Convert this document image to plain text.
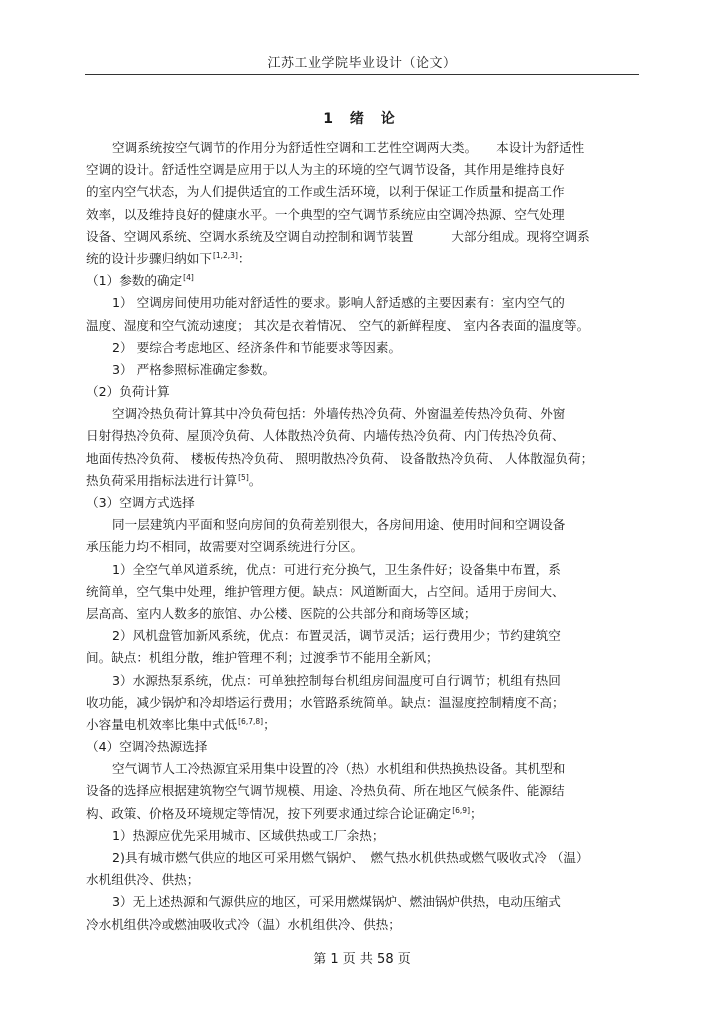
江苏工业学院毕业设计（论文）
1 绪 论
空调系统按空气调节的作用分为舒适性空调和工艺性空调两大类。　　本设计为舒适性
空调的设计。舒适性空调是应用于以人为主的环境的空气调节设备，其作用是维持良好
的室内空气状态，为人们提供适宜的工作或生活环境，以利于保证工作质量和提高工作
效率，以及维持良好的健康水平。一个典型的空气调节系统应由空调冷热源、空气处理
设备、空调风系统、空调水系统及空调自动控制和调节装置　　　大部分组成。现将空调系
统的设计步骤归纳如下[1,2,3]：
（1）参数的确定[4]
1） 空调房间使用功能对舒适性的要求。影响人舒适感的主要因素有：室内空气的
温度、湿度和空气流动速度； 其次是衣着情况、 空气的新鲜程度、 室内各表面的温度等。
2） 要综合考虑地区、经济条件和节能要求等因素。
3） 严格参照标准确定参数。
（2）负荷计算
空调冷热负荷计算其中冷负荷包括：外墙传热冷负荷、外窗温差传热冷负荷、外窗
日射得热冷负荷、屋顶冷负荷、人体散热冷负荷、内墙传热冷负荷、内门传热冷负荷、
地面传热冷负荷、 楼板传热冷负荷、 照明散热冷负荷、 设备散热冷负荷、 人体散湿负荷；
热负荷采用指标法进行计算[5]。
（3）空调方式选择
同一层建筑内平面和竖向房间的负荷差别很大，各房间用途、使用时间和空调设备
承压能力均不相同，故需要对空调系统进行分区。
1）全空气单风道系统，优点：可进行充分换气，卫生条件好；设备集中布置，系
统简单，空气集中处理，维护管理方便。缺点：风道断面大，占空间。适用于房间大、
层高高、室内人数多的旅馆、办公楼、医院的公共部分和商场等区域；
2）风机盘管加新风系统，优点：布置灵活，调节灵活；运行费用少；节约建筑空
间。缺点：机组分散，维护管理不利；过渡季节不能用全新风；
3）水源热泵系统，优点：可单独控制每台机组房间温度可自行调节；机组有热回
收功能，减少锅炉和冷却塔运行费用；水管路系统简单。缺点：温湿度控制精度不高；
小容量电机效率比集中式低[6,7,8]；
（4）空调冷热源选择
空气调节人工冷热源宜采用集中设置的冷（热）水机组和供热换热设备。其机型和
设备的选择应根据建筑物空气调节规模、用途、冷热负荷、所在地区气候条件、能源结
构、政策、价格及环境规定等情况，按下列要求通过综合论证确定[6,9]；
1）热源应优先采用城市、区域供热或工厂余热；
2)具有城市燃气供应的地区可采用燃气锅炉、　燃气热水机供热或燃气吸收式冷 （温）
水机组供冷、供热；
3）无上述热源和气源供应的地区，可采用燃煤锅炉、燃油锅炉供热，电动压缩式
冷水机组供冷或燃油吸收式冷（温）水机组供冷、供热；
第 1 页 共 58 页
